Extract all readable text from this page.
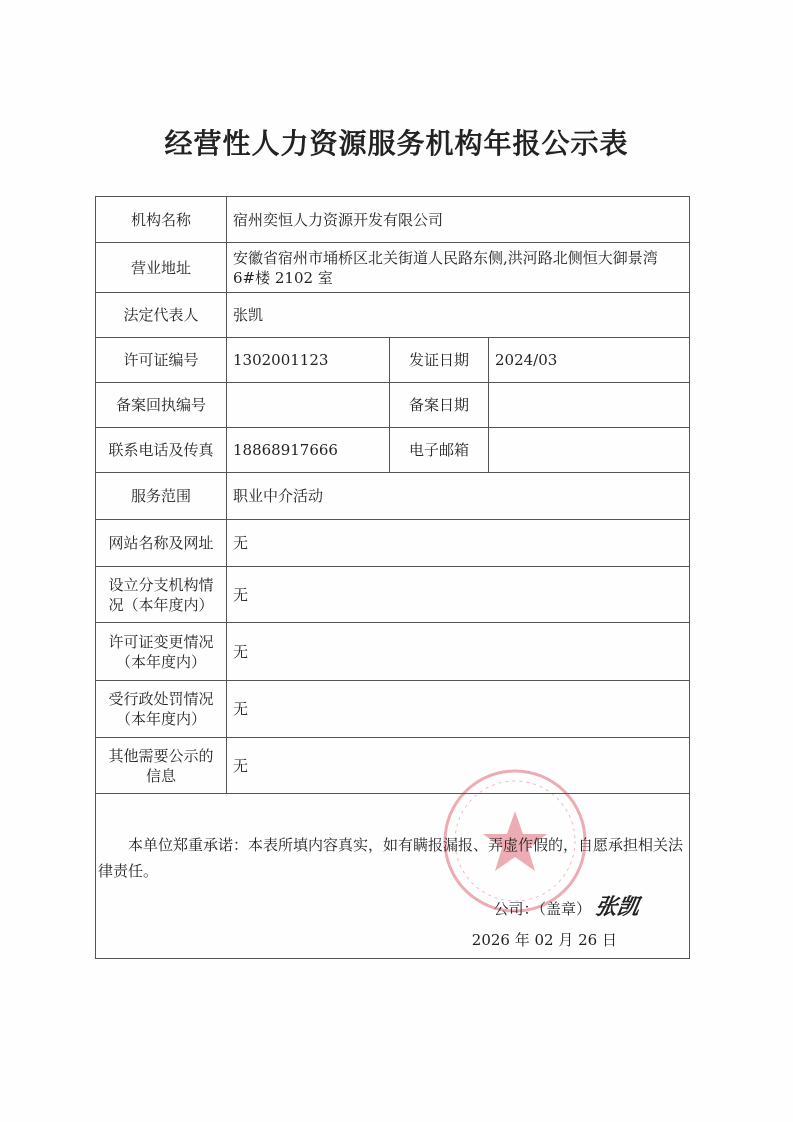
经营性人力资源服务机构年报公示表
机构名称	宿州奕恒人力资源开发有限公司		
营业地址	安徽省宿州市埇桥区北关街道人民路东侧,洪河路北侧恒大御景湾 6#楼 2102 室		
法定代表人	张凯		
许可证编号	1302001123	发证日期	2024/03
备案回执编号		备案日期	
联系电话及传真	18868917666	电子邮箱	
服务范围	职业中介活动		
网站名称及网址	无		
设立分支机构情况（本年度内）	无		
许可证变更情况（本年度内）	无		
受行政处罚情况（本年度内）	无		
其他需要公示的信息	无		

本单位郑重承诺：本表所填内容真实，如有瞒报漏报、弄虚作假的，自愿承担相关法律责任。
公司：（盖章）张凯
2026 年 02 月 26 日			
